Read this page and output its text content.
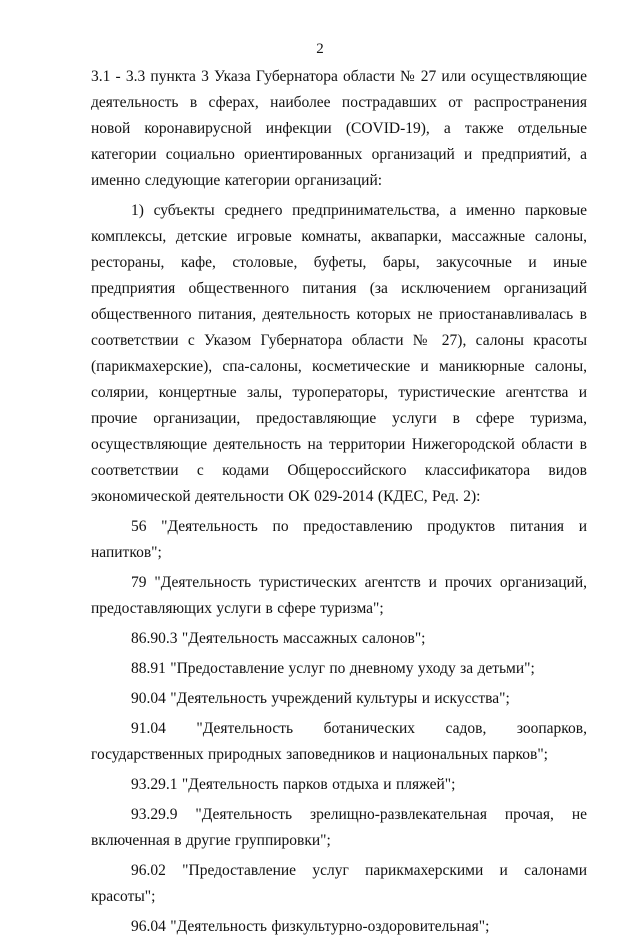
2

3.1 - 3.3 пункта 3 Указа Губернатора области № 27 или осуществляющие деятельность в сферах, наиболее пострадавших от распространения новой коронавирусной инфекции (COVID-19), а также отдельные категории социально ориентированных организаций и предприятий, а именно следующие категории организаций:

1) субъекты среднего предпринимательства, а именно парковые комплексы, детские игровые комнаты, аквапарки, массажные салоны, рестораны, кафе, столовые, буфеты, бары, закусочные и иные предприятия общественного питания (за исключением организаций общественного питания, деятельность которых не приостанавливалась в соответствии с Указом Губернатора области № 27), салоны красоты (парикмахерские), спа-салоны, косметические и маникюрные салоны, солярии, концертные залы, туроператоры, туристические агентства и прочие организации, предоставляющие услуги в сфере туризма, осуществляющие деятельность на территории Нижегородской области в соответствии с кодами Общероссийского классификатора видов экономической деятельности ОК 029-2014 (КДЕС, Ред. 2):

56 "Деятельность по предоставлению продуктов питания и напитков";

79 "Деятельность туристических агентств и прочих организаций, предоставляющих услуги в сфере туризма";

86.90.3 "Деятельность массажных салонов";

88.91 "Предоставление услуг по дневному уходу за детьми";

90.04 "Деятельность учреждений культуры и искусства";

91.04 "Деятельность ботанических садов, зоопарков, государственных природных заповедников и национальных парков";

93.29.1 "Деятельность парков отдыха и пляжей";

93.29.9 "Деятельность зрелищно-развлекательная прочая, не включенная в другие группировки";

96.02 "Предоставление услуг парикмахерскими и салонами красоты";

96.04 "Деятельность физкультурно-оздоровительная";
